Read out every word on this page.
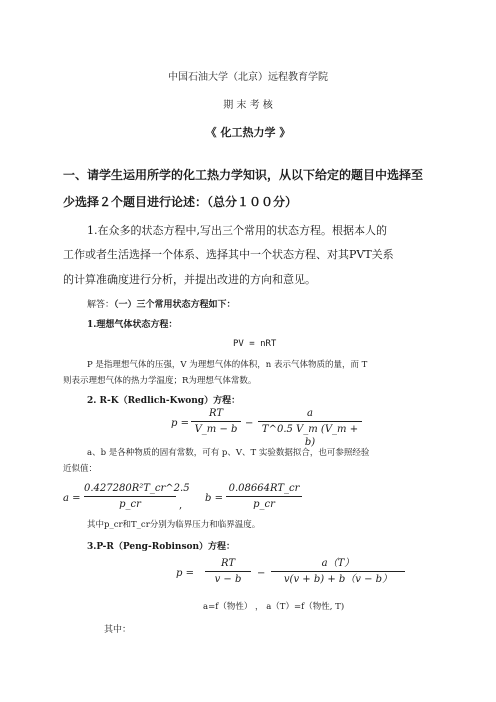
中国石油大学（北京）远程教育学院
期 末 考 核
《 化工热力学 》
一、请学生运用所学的化工热力学知识，从以下给定的题目中选择至
少选择２个题目进行论述：（总分１００分）
1.在众多的状态方程中,写出三个常用的状态方程。根据本人的
工作或者生活选择一个体系、选择其中一个状态方程、对其PVT关系
的计算准确度进行分析，并提出改进的方向和意见。
解答：（一）三个常用状态方程如下：
1.理想气体状态方程：
PV = nRT
P 是指理想气体的压强，V 为理想气体的体积，n 表示气体物质的量，而 T
则表示理想气体的热力学温度；R为理想气体常数。
2. R-K（Redlich-Kwong）方程：
p =
RT
V_m − b
−
a
T^0.5 V_m (V_m + b)
a、b 是各种物质的固有常数，可有 p、V、T 实验数据拟合，也可参照经验
近似值：
a =
0.427280R²T_cr^2.5
p_cr	,
b =
0.08664RT_cr
p_cr
其中p_cr和T_cr分别为临界压力和临界温度。
3.P-R（Peng-Robinson）方程：
p =
RT
v − b
−
a（T）
v(v + b) + b（v − b）
a=f（物性） ， a（T）=f（物性, T)
其中：
